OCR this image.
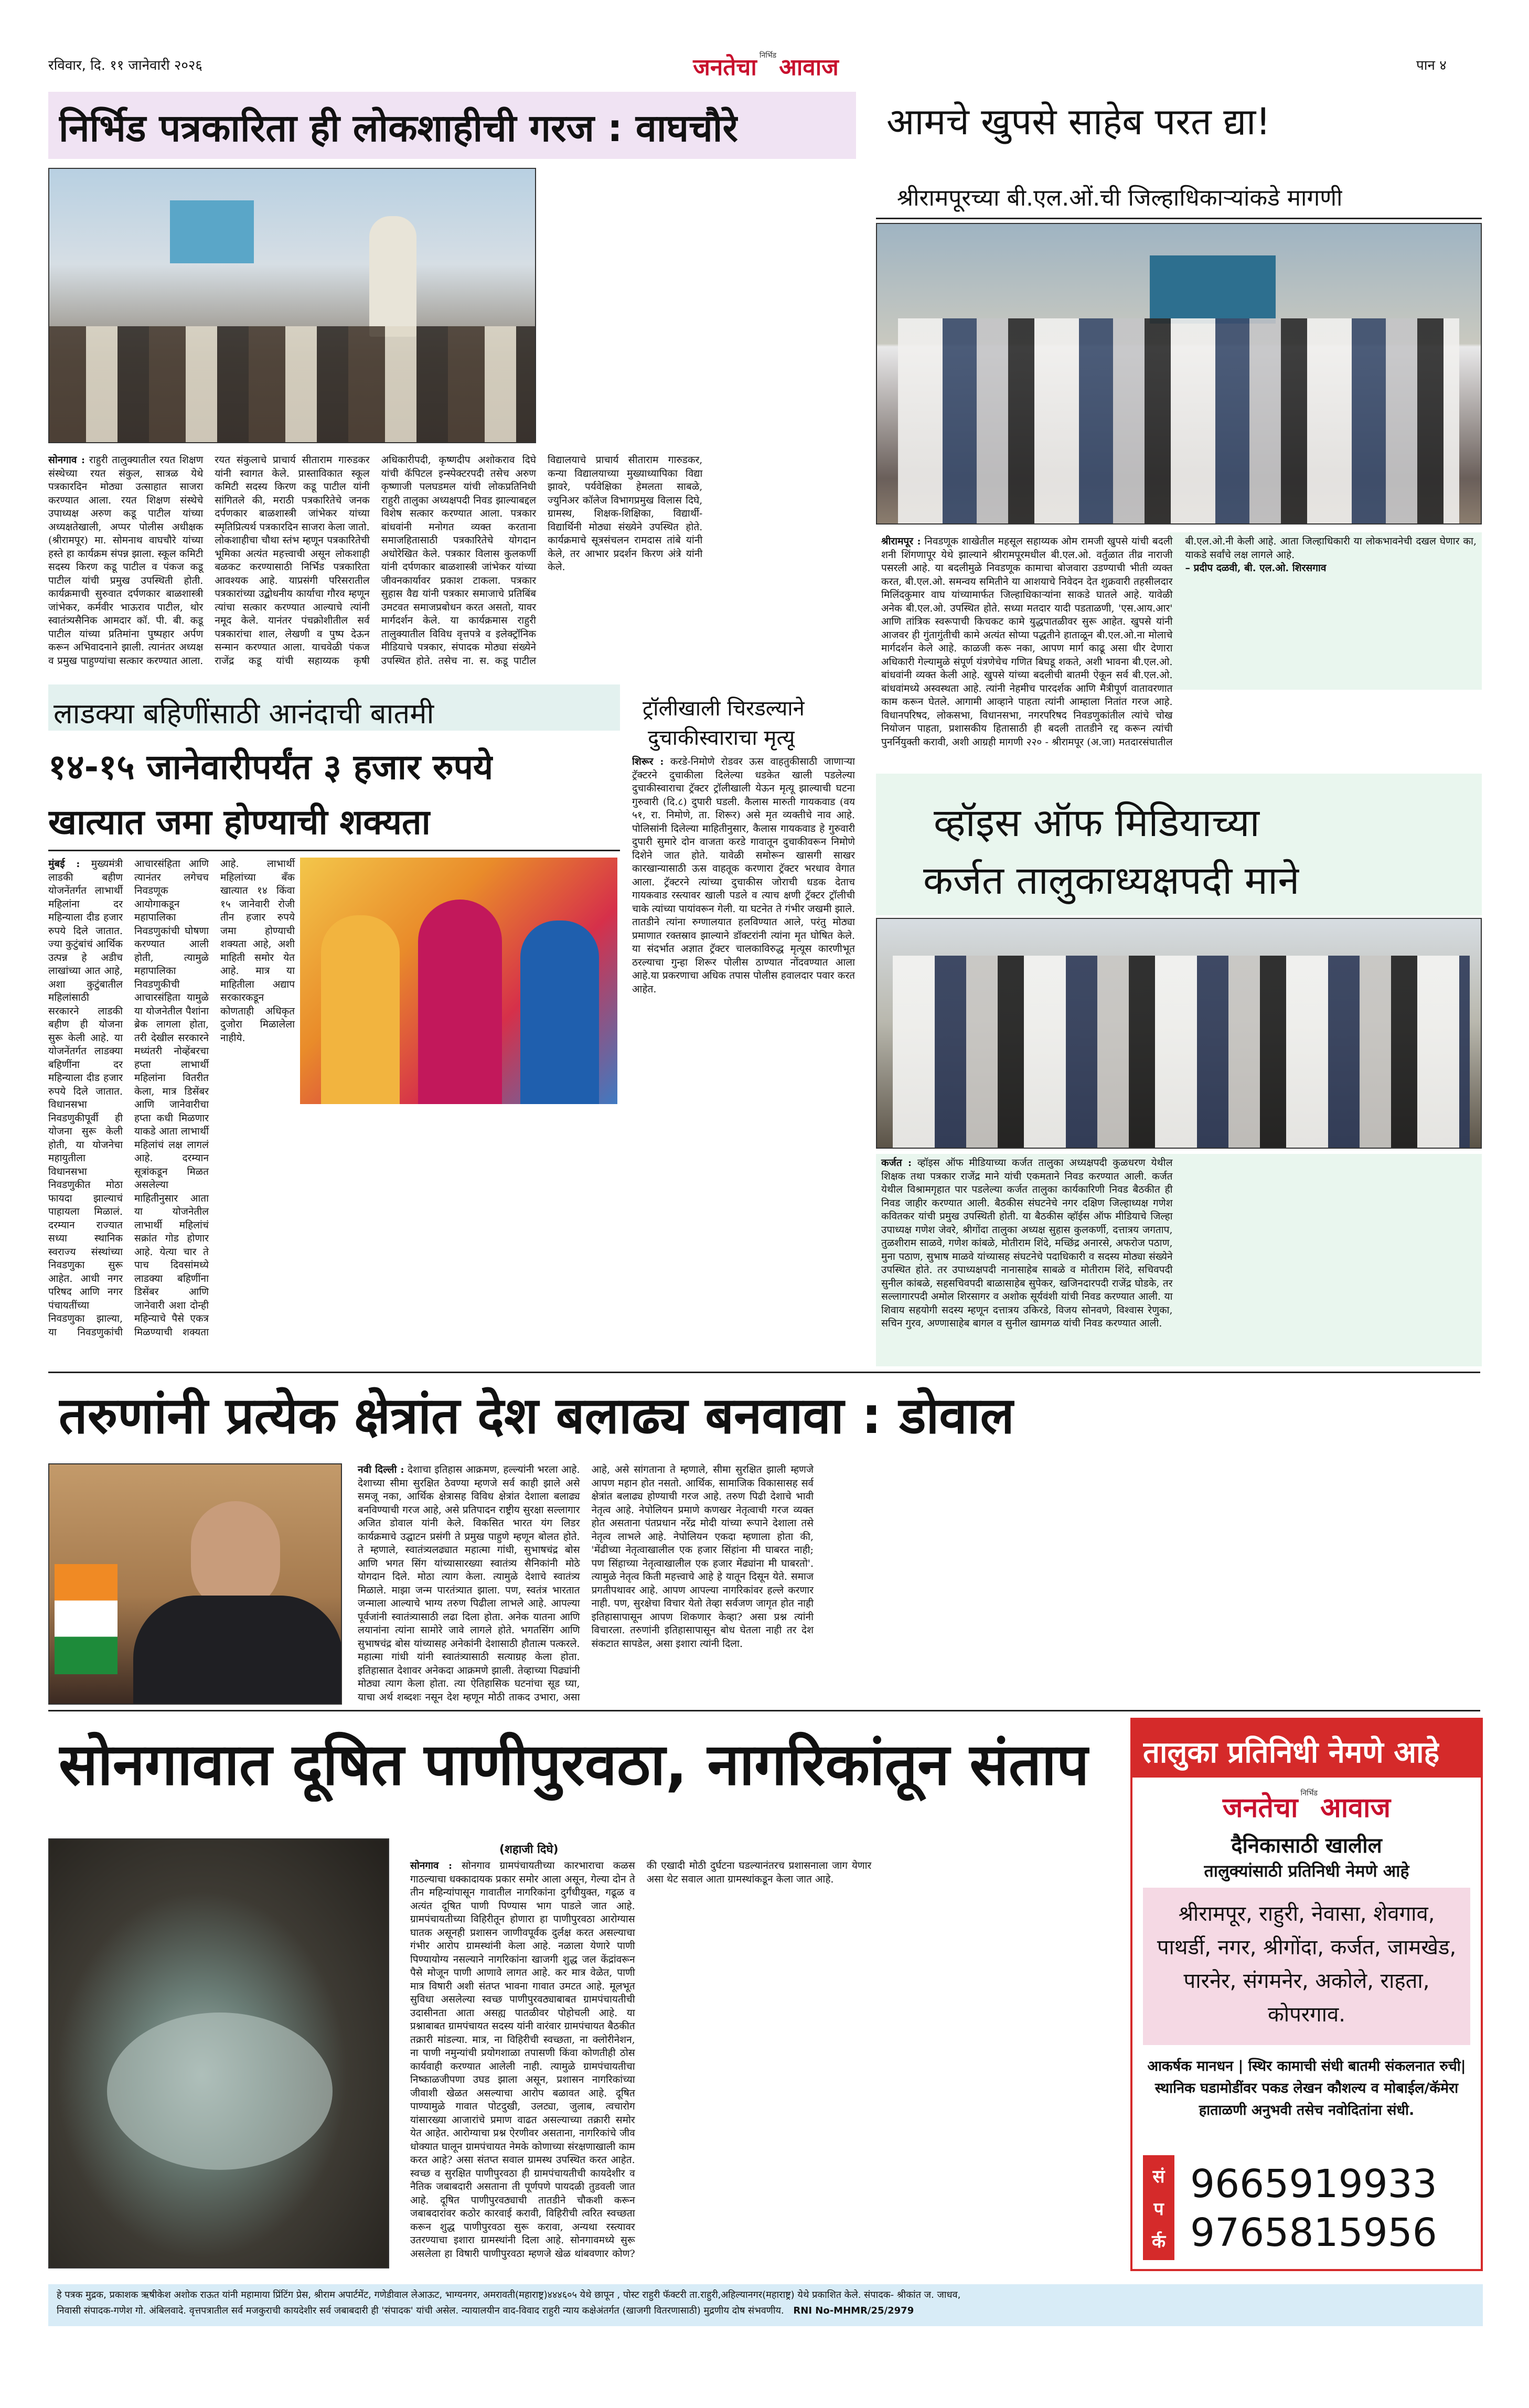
रविवार, दि. ११ जानेवारी २०२६	जनतेचा निर्भिड आवाज	पान ४
निर्भिड पत्रकारिता ही लोकशाहीची गरज : वाघचौरे
सोनगाव : राहुरी तालुक्यातील रयत शिक्षण संस्थेच्या रयत संकुल, सात्रळ येथे पत्रकारदिन मोठ्या उत्साहात साजरा करण्यात आला. रयत शिक्षण संस्थेचे उपाध्यक्ष अरुण कडू पाटील यांच्या अध्यक्षतेखाली, अप्पर पोलीस अधीक्षक (श्रीरामपूर) मा. सोमनाथ वाघचौरे यांच्या हस्ते हा कार्यक्रम संपन्न झाला. स्कूल कमिटी सदस्य किरण कडू पाटील व पंकज कडू पाटील यांची प्रमुख उपस्थिती होती. कार्यक्रमाची सुरुवात दर्पणकार बाळशास्त्री जांभेकर, कर्मवीर भाऊराव पाटील, थोर स्वातंत्र्यसैनिक आमदार कॉ. पी. बी. कडू पाटील यांच्या प्रतिमांना पुष्पहार अर्पण करून अभिवादनाने झाली. त्यानंतर अध्यक्ष व प्रमुख पाहुण्यांचा सत्कार करण्यात आला. रयत संकुलाचे प्राचार्य सीताराम गारुडकर यांनी स्वागत केले. प्रास्ताविकात स्कूल कमिटी सदस्य किरण कडू पाटील यांनी सांगितले की, मराठी पत्रकारितेचे जनक दर्पणकार बाळशास्त्री जांभेकर यांच्या स्मृतिप्रित्यर्थ पत्रकारदिन साजरा केला जातो. लोकशाहीचा चौथा स्तंभ म्हणून पत्रकारितेची भूमिका अत्यंत महत्त्वाची असून लोकशाही बळकट करण्यासाठी निर्भिड पत्रकारिता आवश्यक आहे. याप्रसंगी परिसरातील पत्रकारांच्या उद्बोधनीय कार्याचा गौरव म्हणून त्यांचा सत्कार करण्यात आल्याचे त्यांनी नमूद केले. यानंतर पंचक्रोशीतील सर्व पत्रकारांचा शाल, लेखणी व पुष्प देऊन सन्मान करण्यात आला. याचवेळी पंकज राजेंद्र कडू यांची सहाय्यक कृषी अधिकारीपदी, कृष्णदीप अशोकराव दिघे यांची कॅपिटल इन्स्पेक्टरपदी तसेच अरुण कृष्णाजी पलघडमल यांची लोकप्रतिनिधी राहुरी तालुका अध्यक्षपदी निवड झाल्याबद्दल विशेष सत्कार करण्यात आला. पत्रकार बांधवांनी मनोगत व्यक्त करताना समाजहितासाठी पत्रकारितेचे योगदान अधोरेखित केले. पत्रकार विलास कुलकर्णी यांनी दर्पणकार बाळशास्त्री जांभेकर यांच्या जीवनकार्यावर प्रकाश टाकला. पत्रकार सुहास वैद्य यांनी पत्रकार समाजाचे प्रतिबिंब उमटवत समाजप्रबोधन करत असतो, यावर मार्गदर्शन केले. या कार्यक्रमास राहुरी तालुक्यातील विविध वृत्तपत्रे व इलेक्ट्रॉनिक मीडियाचे पत्रकार, संपादक मोठ्या संख्येने उपस्थित होते. तसेच ना. स. कडू पाटील विद्यालयाचे प्राचार्य सीताराम गारुडकर, कन्या विद्यालयाच्या मुख्याध्यापिका विद्या झावरे, पर्यवेक्षिका हेमलता साबळे, ज्युनिअर कॉलेज विभागप्रमुख विलास दिघे, ग्रामस्थ, शिक्षक-शिक्षिका, विद्यार्थी-विद्यार्थिनी मोठ्या संख्येने उपस्थित होते. कार्यक्रमाचे सूत्रसंचलन रामदास तांबे यांनी केले, तर आभार प्रदर्शन किरण अंत्रे यांनी केले.
आमचे खुपसे साहेब परत द्या!
श्रीरामपूरच्या बी.एल.ओं.ची जिल्हाधिकाऱ्यांकडे मागणी
श्रीरामपूर : निवडणूक शाखेतील महसूल सहाय्यक ओम रामजी खुपसे यांची बदली शनी शिंगणापूर येथे झाल्याने श्रीरामपूरमधील बी.एल.ओ. वर्तुळात तीव्र नाराजी पसरली आहे. या बदलीमुळे निवडणूक कामाचा बोजवारा उडण्याची भीती व्यक्त करत, बी.एल.ओ. समन्वय समितीने या आशयाचे निवेदन देत शुक्रवारी तहसीलदार मिलिंदकुमार वाघ यांच्यामार्फत जिल्हाधिकाऱ्यांना साकडे घातले आहे. यावेळी अनेक बी.एल.ओ. उपस्थित होते. सध्या मतदार यादी पडताळणी, 'एस.आय.आर' आणि तांत्रिक स्वरूपाची किचकट कामे युद्धपातळीवर सुरू आहेत. खुपसे यांनी आजवर ही गुंतागुंतीची कामे अत्यंत सोप्या पद्धतीने हाताळून बी.एल.ओ.ना मोलाचे मार्गदर्शन केले आहे. काळजी करू नका, आपण मार्ग काढू असा धीर देणारा अधिकारी गेल्यामुळे संपूर्ण यंत्रणेचेच गणित बिघडू शकते, अशी भावना बी.एल.ओ. बांधवांनी व्यक्त केली आहे. खुपसे यांच्या बदलीची बातमी ऐकून सर्व बी.एल.ओ. बांधवांमध्ये अस्वस्थता आहे. त्यांनी नेहमीच पारदर्शक आणि मैत्रीपूर्ण वातावरणात काम करून घेतले. आगामी आव्हाने पाहता त्यांनी आम्हाला नितांत गरज आहे. विधानपरिषद, लोकसभा, विधानसभा, नगरपरिषद निवडणुकांतील त्यांचे चोख नियोजन पाहता, प्रशासकीय हितासाठी ही बदली तातडीने रद्द करून त्यांची पुनर्नियुक्ती करावी, अशी आग्रही मागणी २२० - श्रीरामपूर (अ.जा) मतदारसंघातील बी.एल.ओ.नी केली आहे. आता जिल्हाधिकारी या लोकभावनेची दखल घेणार का, याकडे सर्वांचे लक्ष लागले आहे.
– प्रदीप दळवी, बी. एल.ओ. शिरसगाव
लाडक्या बहिणींसाठी आनंदाची बातमी
१४-१५ जानेवारीपर्यंत ३ हजार रुपये
खात्यात जमा होण्याची शक्यता
मुंबई : मुख्यमंत्री लाडकी बहीण योजनेंतर्गत लाभार्थी महिलांना दर महिन्याला दीड हजार रुपये दिले जातात. ज्या कुटुंबांचं आर्थिक उत्पन्न हे अडीच लाखांच्या आत आहे, अशा कुटुंबातील महिलांसाठी सरकारने लाडकी बहीण ही योजना सुरू केली आहे. या योजनेंतर्गत लाडक्या बहिणींना दर महिन्याला दीड हजार रुपये दिले जातात. विधानसभा निवडणुकीपूर्वी ही योजना सुरू केली होती, या योजनेचा महायुतीला विधानसभा निवडणुकीत मोठा फायदा झाल्याचं पाहायला मिळालं. दरम्यान राज्यात सध्या स्थानिक स्वराज्य संस्थांच्या निवडणुका सुरू आहेत. आधी नगर परिषद आणि नगर पंचायतींच्या निवडणुका झाल्या, या निवडणुकांची आचारसंहिता आणि त्यानंतर लगेचच निवडणूक आयोगाकडून महापालिका निवडणुकांची घोषणा करण्यात आली होती, त्यामुळे महापालिका निवडणुकीची आचारसंहिता यामुळे या योजनेतील पैशांना ब्रेक लागला होता, तरी देखील सरकारने मध्यंतरी नोव्हेंबरचा हप्ता लाभार्थी महिलांना वितरीत केला, मात्र डिसेंबर आणि जानेवारीचा हप्ता कधी मिळणार याकडे आता लाभार्थी महिलांचं लक्ष लागलं आहे. दरम्यान सूत्रांकडून मिळत असलेल्या माहितीनुसार आता या योजनेतील लाभार्थी महिलांचं सक्रांत गोड होणार आहे. येत्या चार ते पाच दिवसांमध्ये लाडक्या बहिणींना डिसेंबर आणि जानेवारी अशा दोन्ही महिन्याचे पैसे एकत्र मिळण्याची शक्यता आहे. लाभार्थी महिलांच्या बँक खात्यात १४ किंवा १५ जानेवारी रोजी तीन हजार रुपये जमा होण्याची शक्यता आहे, अशी माहिती समोर येत आहे. मात्र या माहितीला अद्याप सरकारकडून कोणताही अधिकृत दुजोरा मिळालेला नाहीये.
ट्रॉलीखाली चिरडल्याने
दुचाकीस्वाराचा मृत्यू
शिरूर : करडे-निमोणे रोडवर ऊस वाहतुकीसाठी जाणाऱ्या ट्रॅक्टरने दुचाकीला दिलेल्या धडकेत खाली पडलेल्या दुचाकीस्वाराचा ट्रॅक्टर ट्रॉलीखाली येऊन मृत्यू झाल्याची घटना गुरुवारी (दि.८) दुपारी घडली. कैलास मारुती गायकवाड (वय ५१, रा. निमोणे, ता. शिरूर) असे मृत व्यक्तीचे नाव आहे. पोलिसांनी दिलेल्या माहितीनुसार, कैलास गायकवाड हे गुरुवारी दुपारी सुमारे दोन वाजता करडे गावातून दुचाकीवरून निमोणे दिशेने जात होते. यावेळी समोरून खासगी साखर कारखान्यासाठी ऊस वाहतूक करणारा ट्रॅक्टर भरधाव वेगात आला. ट्रॅक्टरने त्यांच्या दुचाकीस जोराची धडक देताच गायकवाड रस्त्यावर खाली पडले व त्याच क्षणी ट्रॅक्टर ट्रॉलीची चाके त्यांच्या पायांवरून गेली. या घटनेत ते गंभीर जखमी झाले. तातडीने त्यांना रुग्णालयात हलविण्यात आले, परंतु मोठ्या प्रमाणात रक्तस्राव झाल्याने डॉक्टरांनी त्यांना मृत घोषित केले. या संदर्भात अज्ञात ट्रॅक्टर चालकाविरुद्ध मृत्यूस कारणीभूत ठरल्याचा गुन्हा शिरूर पोलीस ठाण्यात नोंदवण्यात आला आहे.या प्रकरणाचा अधिक तपास पोलीस हवालदार पवार करत आहेत.
व्हॉइस ऑफ मिडियाच्या
कर्जत तालुकाध्यक्षपदी माने
कर्जत : व्हॉइस ऑफ मीडियाच्या कर्जत तालुका अध्यक्षपदी कुळधरण येथील शिक्षक तथा पत्रकार राजेंद्र माने यांची एकमताने निवड करण्यात आली. कर्जत येथील विश्रामगृहात पार पडलेल्या कर्जत तालुका कार्यकारिणी निवड बैठकीत ही निवड जाहीर करण्यात आली. बैठकीस संघटनेचे नगर दक्षिण जिल्हाध्यक्ष गणेश कवितकर यांची प्रमुख उपस्थिती होती. या बैठकीस व्हॉईस ऑफ मीडियाचे जिल्हा उपाध्यक्ष गणेश जेवरे, श्रीगोंदा तालुका अध्यक्ष सुहास कुलकर्णी, दत्तात्रय जगताप, तुळशीराम साळवे, गणेश कांबळे, मोतीराम शिंदे, मच्छिंद्र अनारसे, अफरोज पठाण, मुना पठाण, सुभाष माळवे यांच्यासह संघटनेचे पदाधिकारी व सदस्य मोठ्या संख्येने उपस्थित होते. तर उपाध्यक्षपदी नानासाहेब साबळे व मोतीराम शिंदे, सचिवपदी सुनील कांबळे, सहसचिवपदी बाळासाहेब सुपेकर, खजिनदारपदी राजेंद्र घोडके, तर सल्लागारपदी अमोल शिरसागर व अशोक सूर्यवंशी यांची निवड करण्यात आली. या शिवाय सहयोगी सदस्य म्हणून दत्तात्रय उकिरडे, विजय सोनवणे, विश्वास रेणुका, सचिन गुरव, अण्णासाहेब बागल व सुनील खामगळ यांची निवड करण्यात आली.
तरुणांनी प्रत्येक क्षेत्रांत देश बलाढ्य बनवावा : डोवाल
नवी दिल्ली : देशाचा इतिहास आक्रमण, हल्ल्यांनी भरला आहे. देशाच्या सीमा सुरक्षित ठेवण्या म्हणजे सर्व काही झाले असे समजू नका, आर्थिक क्षेत्रासह विविध क्षेत्रांत देशाला बलाढ्य बनविण्याची गरज आहे, असे प्रतिपादन राष्ट्रीय सुरक्षा सल्लागार अजित डोवाल यांनी केले. विकसित भारत यंग लिडर कार्यक्रमाचे उद्घाटन प्रसंगी ते प्रमुख पाहुणे म्हणून बोलत होते. ते म्हणाले, स्वातंत्र्यलढ्यात महात्मा गांधी, सुभाषचंद्र बोस आणि भगत सिंग यांच्यासारख्या स्वातंत्र्य सैनिकांनी मोठे योगदान दिले. मोठा त्याग केला. त्यामुळे देशाचे स्वातंत्र्य मिळाले. माझा जन्म पारतंत्र्यात झाला. पण, स्वतंत्र भारतात जन्माला आल्याचे भाग्य तरुण पिढीला लाभले आहे. आपल्या पूर्वजांनी स्वातंत्र्यासाठी लढा दिला होता. अनेक यातना आणि लयानांना त्यांना सामोरे जावे लागले होते. भगतसिंग आणि सुभाषचंद्र बोस यांच्यासह अनेकांनी देशासाठी हौतात्म पत्करले. महात्मा गांधी यांनी स्वातंत्र्यासाठी सत्याग्रह केला होता. इतिहासात देशावर अनेकदा आक्रमणे झाली. तेव्हाच्या पिढ्यांनी मोठ्या त्याग केला होता. त्या ऐतिहासिक घटनांचा सूड घ्या, याचा अर्थ शब्दशः नसून देश म्हणून मोठी ताकद उभारा, असा आहे, असे सांगताना ते म्हणाले, सीमा सुरक्षित झाली म्हणजे आपण महान होत नसतो. आर्थिक, सामाजिक विकासासह सर्व क्षेत्रांत बलाढ्य होण्याची गरज आहे. तरुण पिढी देशाचे भावी नेतृत्व आहे. नेपोलियन प्रमाणे कणखर नेतृत्वाची गरज व्यक्त होत असताना पंतप्रधान नरेंद्र मोदी यांच्या रूपाने देशाला तसे नेतृत्व लाभले आहे. नेपोलियन एकदा म्हणाला होता की, 'मेंढीच्या नेतृत्वाखालील एक हजार सिंहांना मी घाबरत नाही; पण सिंहाच्या नेतृत्वाखालील एक हजार मेंढ्यांना मी घाबरतो'. त्यामुळे नेतृत्व किती महत्त्वाचे आहे हे यातून दिसून येते. समाज प्रगतीपथावर आहे. आपण आपल्या नागरिकांवर हल्ले करणार नाही. पण, सुरक्षेचा विचार येतो तेव्हा सर्वजण जागृत होत नाही इतिहासापासून आपण शिकणार केव्हा? असा प्रश्न त्यांनी विचारला. तरुणांनी इतिहासापासून बोध घेतला नाही तर देश संकटात सापडेल, असा इशारा त्यांनी दिला.
सोनगावात दूषित पाणीपुरवठा, नागरिकांतून संताप
(शहाजी दिघे)
सोनगाव : सोनगाव ग्रामपंचायतीच्या कारभाराचा कळस गाठल्याचा धक्कादायक प्रकार समोर आला असून, गेल्या दोन ते तीन महिन्यांपासून गावातील नागरिकांना दुर्गंधीयुक्त, गढूळ व अत्यंत दूषित पाणी पिण्यास भाग पाडले जात आहे. ग्रामपंचायतीच्या विहिरीतून होणारा हा पाणीपुरवठा आरोग्यास घातक असूनही प्रशासन जाणीवपूर्वक दुर्लक्ष करत असल्याचा गंभीर आरोप ग्रामस्थांनी केला आहे. नळाला येणारे पाणी पिण्यायोग्य नसल्याने नागरिकांना खाजगी शुद्ध जल केंद्रांवरून पैसे मोजून पाणी आणावे लागत आहे. कर मात्र वेळेत, पाणी मात्र विषारी अशी संतप्त भावना गावात उमटत आहे. मूलभूत सुविधा असलेल्या स्वच्छ पाणीपुरवठ्याबाबत ग्रामपंचायतीची उदासीनता आता असह्य पातळीवर पोहोचली आहे. या प्रश्नाबाबत ग्रामपंचायत सदस्य यांनी वारंवार ग्रामपंचायत बैठकीत तक्रारी मांडल्या. मात्र, ना विहिरीची स्वच्छता, ना क्लोरीनेशन, ना पाणी नमुन्यांची प्रयोगशाळा तपासणी किंवा कोणतीही ठोस कार्यवाही करण्यात आलेली नाही. त्यामुळे ग्रामपंचायतीचा निष्काळजीपणा उघड झाला असून, प्रशासन नागरिकांच्या जीवाशी खेळत असल्याचा आरोप बळावत आहे. दूषित पाण्यामुळे गावात पोटदुखी, उलट्या, जुलाब, त्वचारोग यांसारख्या आजारांचे प्रमाण वाढत असल्याच्या तक्रारी समोर येत आहेत. आरोग्याचा प्रश्न ऐरणीवर असताना, नागरिकांचे जीव धोक्यात घालून ग्रामपंचायत नेमके कोणाच्या संरक्षणाखाली काम करत आहे? असा संतप्त सवाल ग्रामस्थ उपस्थित करत आहेत. स्वच्छ व सुरक्षित पाणीपुरवठा ही ग्रामपंचायतीची कायदेशीर व नैतिक जबाबदारी असताना ती पूर्णपणे पायदळी तुडवली जात आहे. दूषित पाणीपुरवठ्याची तातडीने चौकशी करून जबाबदारांवर कठोर कारवाई करावी, विहिरीची त्वरित स्वच्छता करून शुद्ध पाणीपुरवठा सुरू करावा, अन्यथा रस्त्यावर उतरण्याचा इशारा ग्रामस्थांनी दिला आहे. सोनगावमध्ये सुरू असलेला हा विषारी पाणीपुरवठा म्हणजे खेळ थांबवणार कोण? की एखादी मोठी दुर्घटना घडल्यानंतरच प्रशासनाला जाग येणार असा थेट सवाल आता ग्रामस्थांकडून केला जात आहे.
तालुका प्रतिनिधी नेमणे आहे
जनतेचा निर्भिड आवाज
दैनिकासाठी खालील
तालुक्यांसाठी प्रतिनिधी नेमणे आहे
श्रीरामपूर, राहुरी, नेवासा, शेवगाव, पाथर्डी, नगर, श्रीगोंदा, कर्जत, जामखेड, पारनेर, संगमनेर, अकोले, राहता, कोपरगाव.
आकर्षक मानधन | स्थिर कामाची संधी बातमी संकलनात रुची| स्थानिक घडामोडींवर पकड लेखन कौशल्य व मोबाईल/कॅमेरा हाताळणी अनुभवी तसेच नवोदितांना संधी.
सं
प
र्क
9665919933
9765815956
हे पत्रक मुद्रक, प्रकाशक ऋषीकेश अशोक राऊत यांनी महामाया प्रिंटिंग प्रेस, श्रीराम अपार्टमेंट, गणेडीवाल लेआऊट, भाग्यनगर, अमरावती(महाराष्ट्र)४४४६०५ येथे छापून , पोस्ट राहुरी फॅक्टरी ता.राहुरी,अहिल्यानगर(महाराष्ट्र) येथे प्रकाशित केले. संपादक- श्रीकांत ज. जाधव,
निवासी संपादक-गणेश गो. अंबिलवादे. वृत्तपत्रातील सर्व मजकुराची कायदेशीर सर्व जबाबदारी ही 'संपादक' यांची असेल. न्यायालयीन वाद-विवाद राहुरी न्याय कक्षेअंतर्गत (खाजगी वितरणासाठी) मुद्रणीय दोष संभवणीय. RNI No-MHMR/25/2979
